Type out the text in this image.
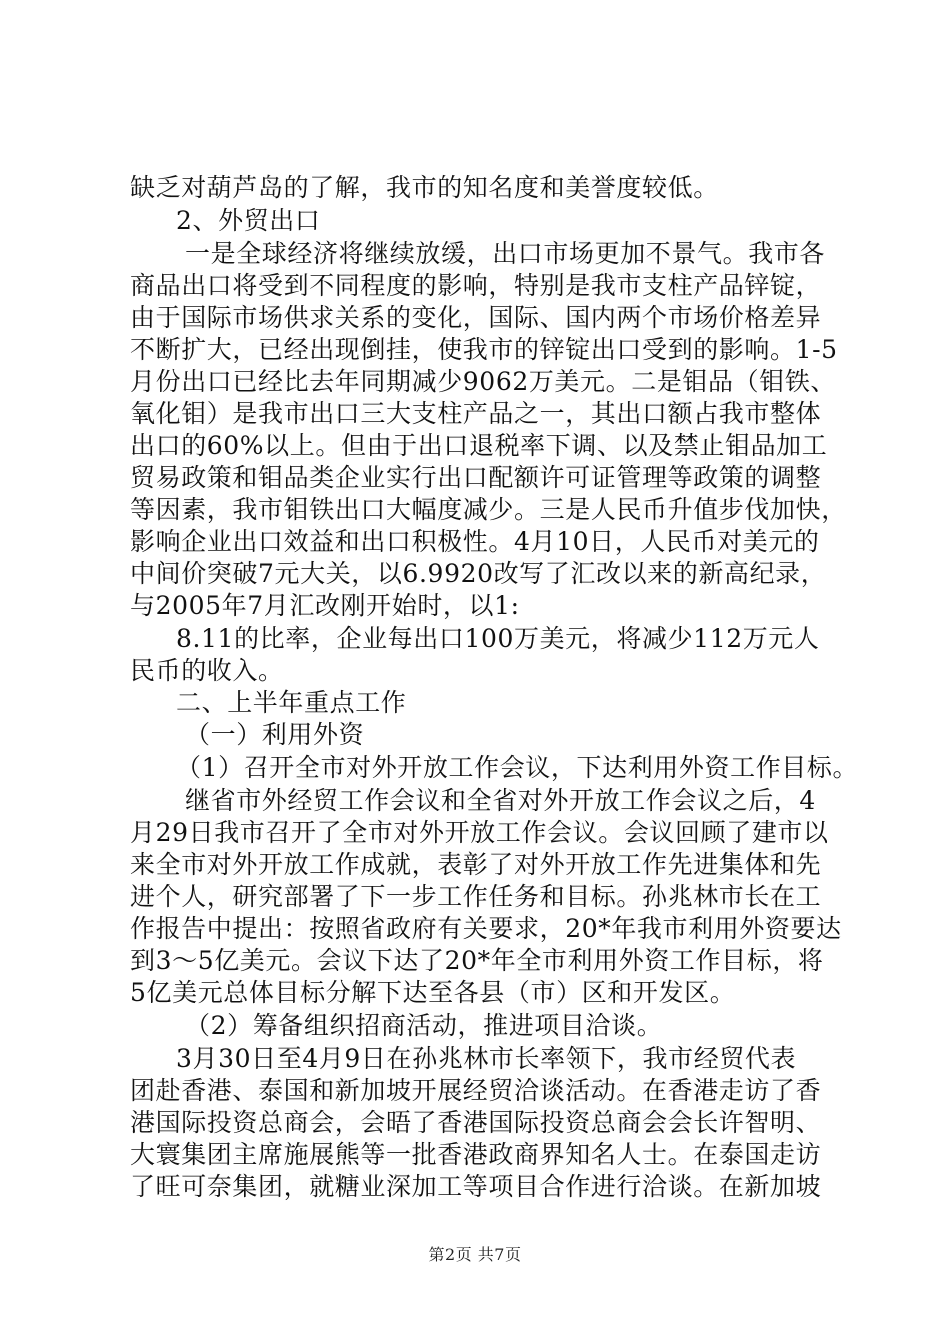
缺乏对葫芦岛的了解，我市的知名度和美誉度较低。
2、外贸出口
一是全球经济将继续放缓，出口市场更加不景气。我市各
商品出口将受到不同程度的影响，特别是我市支柱产品锌锭，
由于国际市场供求关系的变化，国际、国内两个市场价格差异
不断扩大，已经出现倒挂，使我市的锌锭出口受到的影响。1-5
月份出口已经比去年同期减少9062万美元。二是钼品（钼铁、
氧化钼）是我市出口三大支柱产品之一，其出口额占我市整体
出口的60%以上。但由于出口退税率下调、以及禁止钼品加工
贸易政策和钼品类企业实行出口配额许可证管理等政策的调整
等因素，我市钼铁出口大幅度减少。三是人民币升值步伐加快，
影响企业出口效益和出口积极性。4月10日，人民币对美元的
中间价突破7元大关，以6.9920改写了汇改以来的新高纪录，
与2005年7月汇改刚开始时，以1:
8.11的比率，企业每出口100万美元，将减少112万元人
民币的收入。
二、上半年重点工作
（一）利用外资
（1）召开全市对外开放工作会议，下达利用外资工作目标。
继省市外经贸工作会议和全省对外开放工作会议之后，4
月29日我市召开了全市对外开放工作会议。会议回顾了建市以
来全市对外开放工作成就，表彰了对外开放工作先进集体和先
进个人，研究部署了下一步工作任务和目标。孙兆林市长在工
作报告中提出：按照省政府有关要求，20*年我市利用外资要达
到3～5亿美元。会议下达了20*年全市利用外资工作目标，将
5亿美元总体目标分解下达至各县（市）区和开发区。
（2）筹备组织招商活动，推进项目洽谈。
3月30日至4月9日在孙兆林市长率领下，我市经贸代表
团赴香港、泰国和新加坡开展经贸洽谈活动。在香港走访了香
港国际投资总商会，会晤了香港国际投资总商会会长许智明、
大寰集团主席施展熊等一批香港政商界知名人士。在泰国走访
了旺可奈集团，就糖业深加工等项目合作进行洽谈。在新加坡
第2页 共7页
